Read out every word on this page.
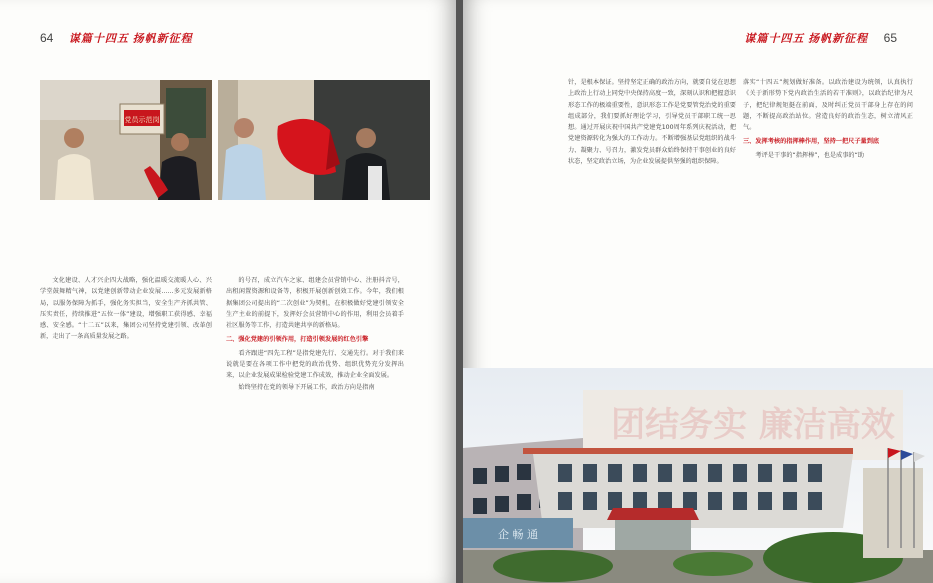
64 谋篇十四五 扬帆新征程
党员示范岗

文化建设、人才兴企四大战略，强化温暖交流暖人心、兴学堂鼓舞精气神，以党建创新带动企业发展……多元发展新格局，以服务保障为抓手，强化务实担当，安全生产齐抓共管、压实责任，持续推进“五位一体”建设，增强职工获得感、幸福感、安全感。“十二五”以来，集团公司坚持党建引领、改革创新，走出了一条高质量发展之路。

的号召，成立汽车之家、组建会员营销中心、注册抖音号，出租闲置资源和设备等，积极开展创新创效工作。今年，我们根据集团公司提出的“二次创业”为契机，在积极做好党建引领安全生产主业的前提下，发挥好会员营销中心的作用，利用会员着手社区服务等工作，打造共建共享的新格局。

二、强化党建的引领作用，打造引领发展的红色引擎

看齐跟进“四先工程”是指党建先行、交通先行。对于我们来说就是要在各项工作中把党的政治优势、组织优势充分发挥出来，以企业发展成果检验党建工作成效，推动企业全面发展。

始终坚持在党的领导下开展工作，政治方向是指南

谋篇十四五 扬帆新征程 65

针，是根本保证。坚持坚定正确的政治方向，就要自觉在思想上政治上行动上同党中央保持高度一致，深刻认识和把握意识形态工作的极端重要性，意识形态工作是党要管党治党的重要组成部分，我们要抓好理论学习，引导党员干部职工统一思想。通过开展庆祝中国共产党建党100周年系列庆祝活动，把党建资源转化为强大的工作动力。不断增强基层党组织的战斗力、凝聚力、号召力，激发党员群众始终保持干事创业的良好状态，坚定政治立场，为企业发展提供坚强的组织保障。

落实“十四五”规划做好准备。以政治建设为统领，认真执行《关于新形势下党内政治生活的若干准则》，以政治纪律为尺子，把纪律规矩挺在前面，及时纠正党员干部身上存在的问题，不断提高政治站位。营造良好的政治生态，树立清风正气。

三、发挥考核的指挥棒作用，坚持一把尺子量到底

考评是干事的“指挥棒”，也是成事的“助

团结务实 廉洁高效
企 畅 通
